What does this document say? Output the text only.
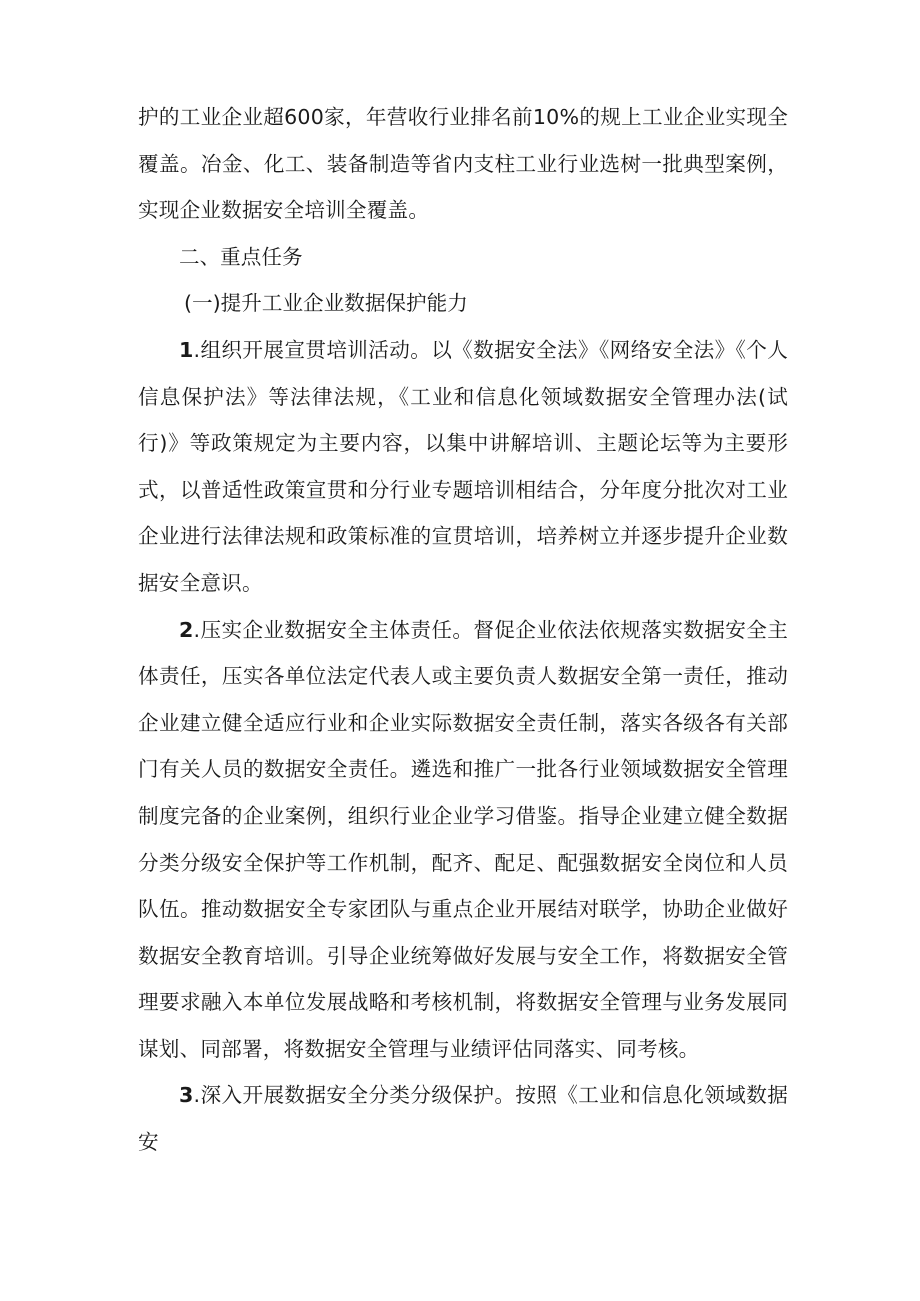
护的工业企业超600家，年营收行业排名前10%的规上工业企业实现全覆盖。冶金、化工、装备制造等省内支柱工业行业选树一批典型案例，实现企业数据安全培训全覆盖。

二、重点任务

(一)提升工业企业数据保护能力

1.组织开展宣贯培训活动。以《数据安全法》《网络安全法》《个人信息保护法》等法律法规，《工业和信息化领域数据安全管理办法(试行)》等政策规定为主要内容，以集中讲解培训、主题论坛等为主要形式，以普适性政策宣贯和分行业专题培训相结合，分年度分批次对工业企业进行法律法规和政策标准的宣贯培训，培养树立并逐步提升企业数据安全意识。

2.压实企业数据安全主体责任。督促企业依法依规落实数据安全主体责任，压实各单位法定代表人或主要负责人数据安全第一责任，推动企业建立健全适应行业和企业实际数据安全责任制，落实各级各有关部门有关人员的数据安全责任。遴选和推广一批各行业领域数据安全管理制度完备的企业案例，组织行业企业学习借鉴。指导企业建立健全数据分类分级安全保护等工作机制，配齐、配足、配强数据安全岗位和人员队伍。推动数据安全专家团队与重点企业开展结对联学，协助企业做好数据安全教育培训。引导企业统筹做好发展与安全工作，将数据安全管理要求融入本单位发展战略和考核机制，将数据安全管理与业务发展同谋划、同部署，将数据安全管理与业绩评估同落实、同考核。

3.深入开展数据安全分类分级保护。按照《工业和信息化领域数据安
